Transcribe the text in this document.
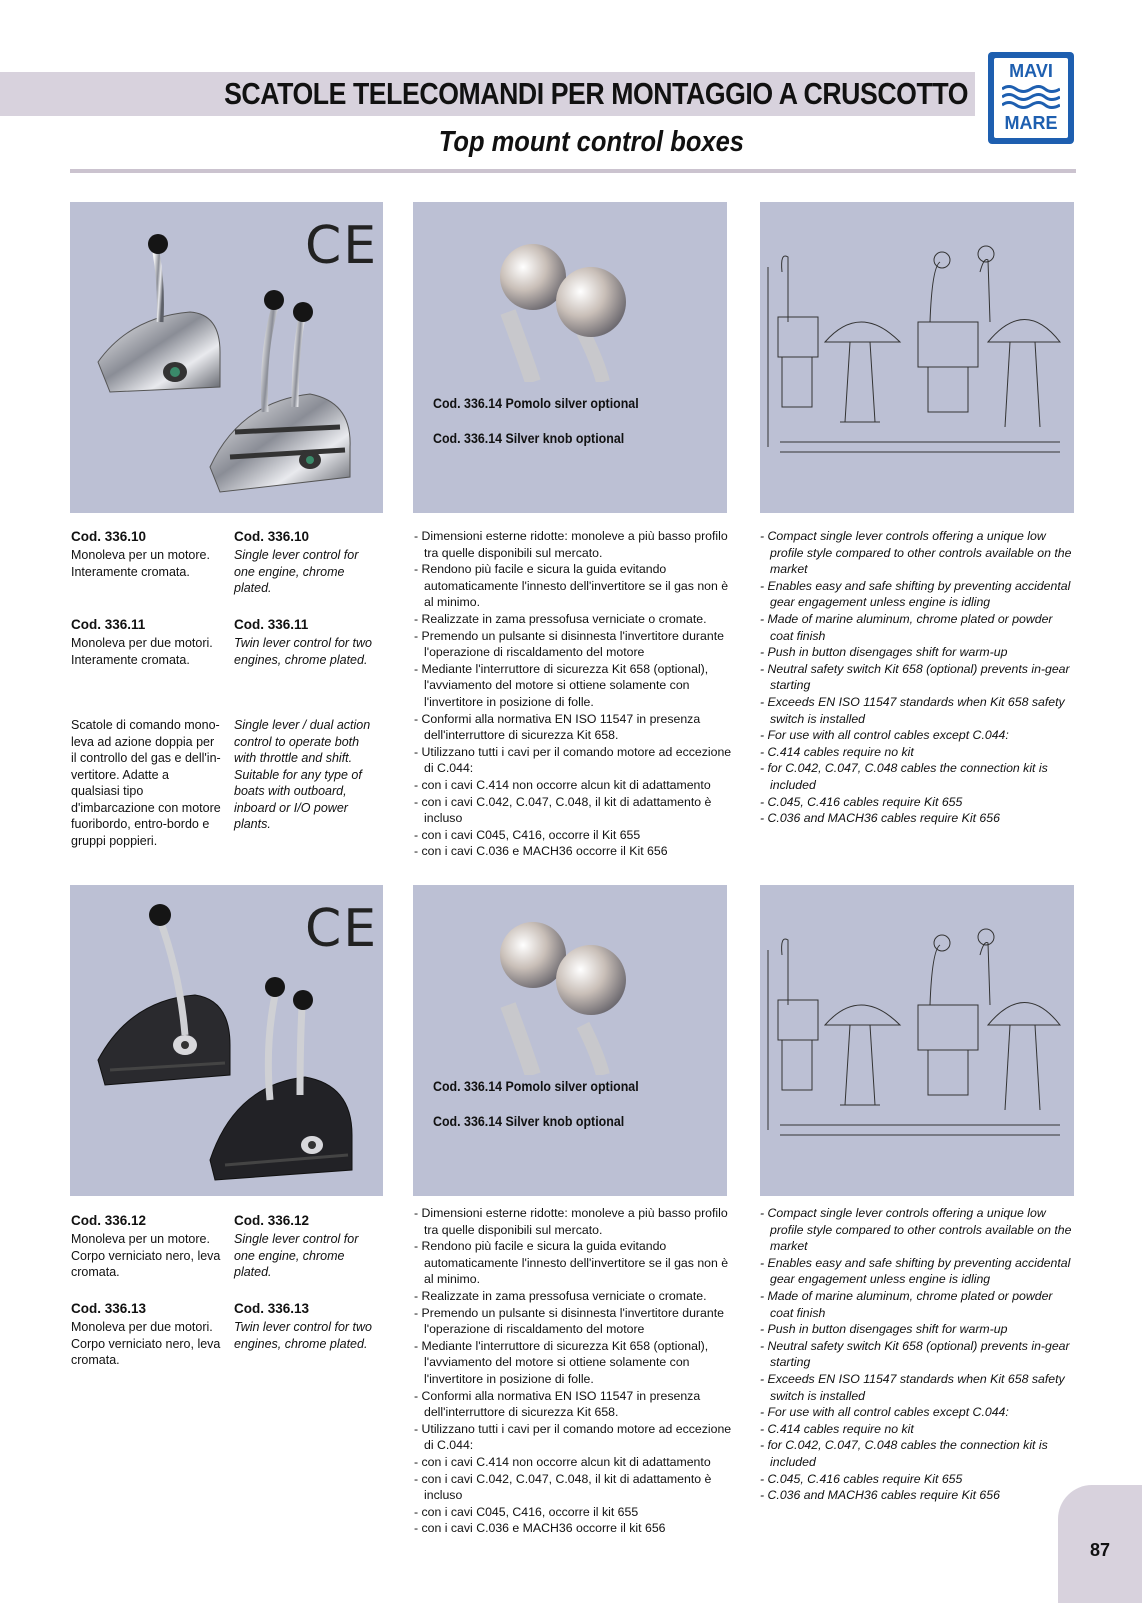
SCATOLE TELECOMANDI PER MONTAGGIO A CRUSCOTTO
Top mount control boxes
MAVI
MARE
CE
Cod. 336.14 Pomolo silver optional
Cod. 336.14 Silver knob optional
Cod. 336.10
Monoleva per un motore. Interamente cromata.
Cod. 336.10
Single lever control for one engine, chrome plated.
Cod. 336.11
Monoleva per due motori. Interamente cromata.
Cod. 336.11
Twin lever control for two engines, chrome plated.
Scatole di comando mono-leva ad azione doppia per il controllo del gas e dell'in-vertitore. Adatte a qualsiasi tipo d'imbarcazione con motore fuoribordo, entro-bordo e gruppi poppieri.
Single lever / dual action control to operate both with throttle and shift. Suitable for any type of boats with outboard, inboard or I/O power plants.
- Dimensioni esterne ridotte: monoleve a più basso profilo tra quelle disponibili sul mercato.
- Rendono più facile e sicura la guida evitando automaticamente l'innesto dell'invertitore se il gas non è al minimo.
- Realizzate in zama pressofusa verniciate o cromate.
- Premendo un pulsante si disinnesta l'invertitore durante l'operazione di riscaldamento del motore
- Mediante l'interruttore di sicurezza Kit 658 (optional), l'avviamento del motore si ottiene solamente con l'invertitore in posizione di folle.
- Conformi alla normativa EN ISO 11547 in presenza dell'interruttore di sicurezza Kit 658.
- Utilizzano tutti i cavi per il comando motore ad eccezione di C.044:
- con i cavi C.414 non occorre alcun kit di adattamento
- con i cavi C.042, C.047, C.048, il kit di adattamento è incluso
- con i cavi C045, C416, occorre il Kit 655
- con i cavi C.036 e MACH36 occorre il Kit 656
- Compact single lever controls offering a unique low profile style compared to other controls available on the market
- Enables easy and safe shifting by preventing accidental gear engagement unless engine is idling
- Made of marine aluminum, chrome plated or powder coat finish
- Push in button disengages shift for warm-up
- Neutral safety switch Kit 658 (optional) prevents in-gear starting
- Exceeds EN ISO 11547 standards when Kit 658 safety switch is installed
- For use with all control cables except C.044:
- C.414 cables require no kit
- for C.042, C.047, C.048 cables the connection kit is included
- C.045, C.416 cables require Kit 655
- C.036 and MACH36 cables require Kit 656
CE
Cod. 336.14 Pomolo silver optional
Cod. 336.14 Silver knob optional
Cod. 336.12
Monoleva per un motore. Corpo verniciato nero, leva cromata.
Cod. 336.12
Single lever control for one engine, chrome plated.
Cod. 336.13
Monoleva per due motori. Corpo verniciato nero, leva cromata.
Cod. 336.13
Twin lever control for two engines, chrome plated.
- Dimensioni esterne ridotte: monoleve a più basso profilo tra quelle disponibili sul mercato.
- Rendono più facile e sicura la guida evitando automaticamente l'innesto dell'invertitore se il gas non è al minimo.
- Realizzate in zama pressofusa verniciate o cromate.
- Premendo un pulsante si disinnesta l'invertitore durante l'operazione di riscaldamento del motore
- Mediante l'interruttore di sicurezza Kit 658 (optional), l'avviamento del motore si ottiene solamente con l'invertitore in posizione di folle.
- Conformi alla normativa EN ISO 11547 in presenza dell'interruttore di sicurezza Kit 658.
- Utilizzano tutti i cavi per il comando motore ad eccezione di C.044:
- con i cavi C.414 non occorre alcun kit di adattamento
- con i cavi C.042, C.047, C.048, il kit di adattamento è incluso
- con i cavi C045, C416, occorre il kit 655
- con i cavi C.036 e MACH36 occorre il kit 656
- Compact single lever controls offering a unique low profile style compared to other controls available on the market
- Enables easy and safe shifting by preventing accidental gear engagement unless engine is idling
- Made of marine aluminum, chrome plated or powder coat finish
- Push in button disengages shift for warm-up
- Neutral safety switch Kit 658 (optional) prevents in-gear starting
- Exceeds EN ISO 11547 standards when Kit 658 safety switch is installed
- For use with all control cables except C.044:
- C.414 cables require no kit
- for C.042, C.047, C.048 cables the connection kit is included
- C.045, C.416 cables require Kit 655
- C.036 and MACH36 cables require Kit 656
87
